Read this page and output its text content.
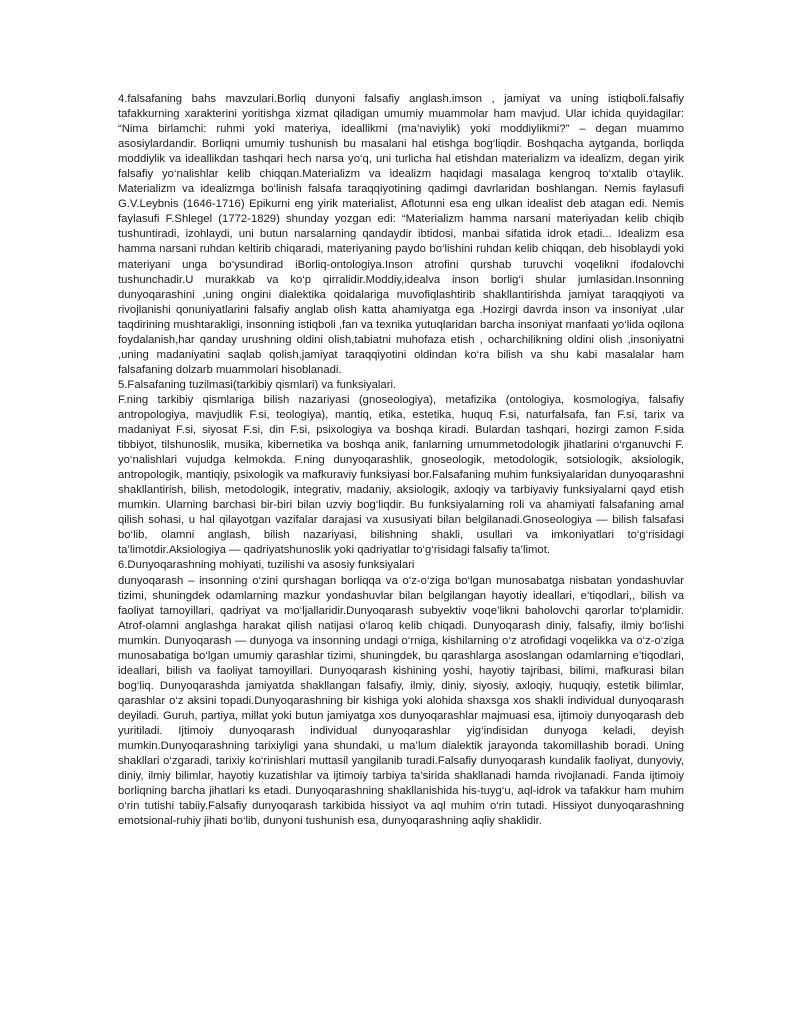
4.falsafaning bahs mavzulari.Borliq dunyoni falsafiy anglash.imson , jamiyat va uning istiqboli.falsafiy tafakkurning xarakterini yoritishga xizmat qiladigan umumiy muammolar ham mavjud. Ular ichida quyidagilar: “Nima birlamchi: ruhmi yoki materiya, ideallikmi (ma’naviylik) yoki moddiylikmi?” – degan muammo asosiylardandir. Borliqni umumiy tushunish bu masalani hal etishga bog‘liqdir. Boshqacha aytganda, borliqda moddiylik va ideallikdan tashqari hech narsa yo‘q, uni turlicha hal etishdan materializm va idealizm, degan yirik falsafiy yo‘nalishlar kelib chiqqan.Materializm va idealizm haqidagi masalaga kengroq to‘xtalib o‘taylik. Materializm va idealizmga bo‘linish falsafa taraqqiyotining qadimgi davrlaridan boshlangan. Nemis faylasufi G.V.Leybnis (1646-1716) Epikurni eng yirik materialist, Aflotunni esa eng ulkan idealist deb atagan edi. Nemis faylasufi F.Shlegel (1772-1829) shunday yozgan edi: “Materializm hamma narsani materiyadan kelib chiqib tushuntiradi, izohlaydi, uni butun narsalarning qandaydir ibtidosi, manbai sifatida idrok etadi... Idealizm esa hamma narsani ruhdan keltirib chiqaradi, materiyaning paydo bo‘lishini ruhdan kelib chiqqan, deb hisoblaydi yoki materiyani unga bo‘ysundirad iBorliq-ontologiya.Inson atrofini qurshab turuvchi voqelikni ifodalovchi tushunchadir.U murakkab va ko‘p qirralidir.Moddiy,idealva inson borlig‘i shular jumlasidan.Insonning dunyoqarashini ,uning ongini dialektika qoidalariga muvofiqlashtirib shakllantirishda jamiyat taraqqiyoti va rivojlanishi qonuniyatlarini falsafiy anglab olish katta ahamiyatga ega .Hozirgi davrda inson va insoniyat ,ular taqdirining mushtarakligi, insonning istiqboli ,fan va texnika yutuqlaridan barcha insoniyat manfaati yo‘lida oqilona foydalanish,har qanday urushning oldini olish,tabiatni muhofaza etish , ocharchilikning oldini olish ,insoniyatni ,uning madaniyatini saqlab qolish,jamiyat taraqqiyotini oldindan ko‘ra bilish va shu kabi masalalar ham falsafaning dolzarb muammolari hisoblanadi.

5.Falsafaning tuzilmasi(tarkibiy qismlari) va funksiyalari.

F.ning tarkibiy qismlariga bilish nazariyasi (gnoseologiya), metafizika (ontologiya, kosmologiya, falsafiy antropologiya, mavjudlik F.si, teologiya), mantiq, etika, estetika, huquq F.si, naturfalsafa, fan F.si, tarix va madaniyat F.si, siyosat F.si, din F.si, psixologiya va boshqa kiradi. Bulardan tashqari, hozirgi zamon F.sida tibbiyot, tilshunoslik, musika, kibernetika va boshqa anik, fanlarning umummetodologik jihatlarini o‘rganuvchi F. yo‘nalishlari vujudga kelmokda. F.ning dunyoqarashlik, gnoseologik, metodologik, sotsiologik, aksiologik, antropologik, mantiqiy, psixologik va mafkuraviy funksiyasi bor.Falsafaning muhim funksiyalaridan dunyoqarashni shakllantirish, bilish, metodologik, integrativ, madaniy, aksiologik, axloqiy va tarbiyaviy funksiyalarni qayd etish mumkin. Ularning barchasi bir-biri bilan uzviy bog‘liqdir. Bu funksiyalarning roli va ahamiyati falsafaning amal qilish sohasi, u hal qilayotgan vazifalar darajasi va xususiyati bilan belgilanadi.Gnoseologiya — bilish falsafasi bo‘lib, olamni anglash, bilish nazariyasi, bilishning shakli, usullari va imkoniyatlari to‘g‘risidagi ta’limotdir.Aksiologiya — qadriyatshunoslik yoki qadriyatlar to‘g‘risidagi falsafiy ta’limot.

6.Dunyoqarashning mohiyati, tuzilishi va asosiy funksiyalari

dunyoqarash – insonning o‘zini qurshagan borliqqa va o‘z-o‘ziga bo‘lgan munosabatga nisbatan yondashuvlar tizimi, shuningdek odamlarning mazkur yondashuvlar bilan belgilangan hayotiy ideallari, e’tiqodlari,, bilish va faoliyat tamoyillari, qadriyat va mo‘ljallaridir.Dunyoqarash subyektiv voqe’likni baholovchi qarorlar to‘plamidir. Atrof-olamni anglashga harakat qilish natijasi o‘laroq kelib chiqadi. Dunyoqarash diniy, falsafiy, ilmiy bo‘lishi mumkin. Dunyoqarash — dunyoga va insonning undagi o‘rniga, kishilarning o‘z atrofidagi voqelikka va o‘z-o‘ziga munosabatiga bo‘lgan umumiy qarashlar tizimi, shuningdek, bu qarashlarga asoslangan odamlarning e’tiqodlari, ideallari, bilish va faoliyat tamoyillari. Dunyoqarash kishining yoshi, hayotiy tajribasi, bilimi, mafkurasi bilan bog‘liq. Dunyoqarashda jamiyatda shakllangan falsafiy, ilmiy, diniy, siyosiy, axloqiy, huquqiy, estetik bilimlar, qarashlar o‘z aksini topadi.Dunyoqarashning bir kishiga yoki alohida shaxsga xos shakli individual dunyoqarash deyiladi. Guruh, partiya, millat yoki butun jamiyatga xos dunyoqarashlar majmuasi esa, ijtimoiy dunyoqarash deb yuritiladi. Ijtimoiy dunyoqarash individual dunyoqarashlar yig‘indisidan dunyoga keladi, deyish mumkin.Dunyoqarashning tarixiyligi yana shundaki, u ma’lum dialektik jarayonda takomillashib boradi. Uning shakllari o‘zgaradi, tarixiy ko‘rinishlari muttasil yangilanib turadi.Falsafiy dunyoqarash kundalik faoliyat, dunyoviy, diniy, ilmiy bilimlar, hayotiy kuzatishlar va ijtimoiy tarbiya ta’sirida shakllanadi hamda rivojlanadi. Fanda ijtimoiy borliqning barcha jihatlari ks etadi. Dunyoqarashning shakllanishida his-tuyg‘u, aql-idrok va tafakkur ham muhim o‘rin tutishi tabiiy.Falsafiy dunyoqarash tarkibida hissiyot va aql muhim o‘rin tutadi. Hissiyot dunyoqarashning emotsional-ruhiy jihati bo‘lib, dunyoni tushunish esa, dunyoqarashning aqliy shaklidir.
